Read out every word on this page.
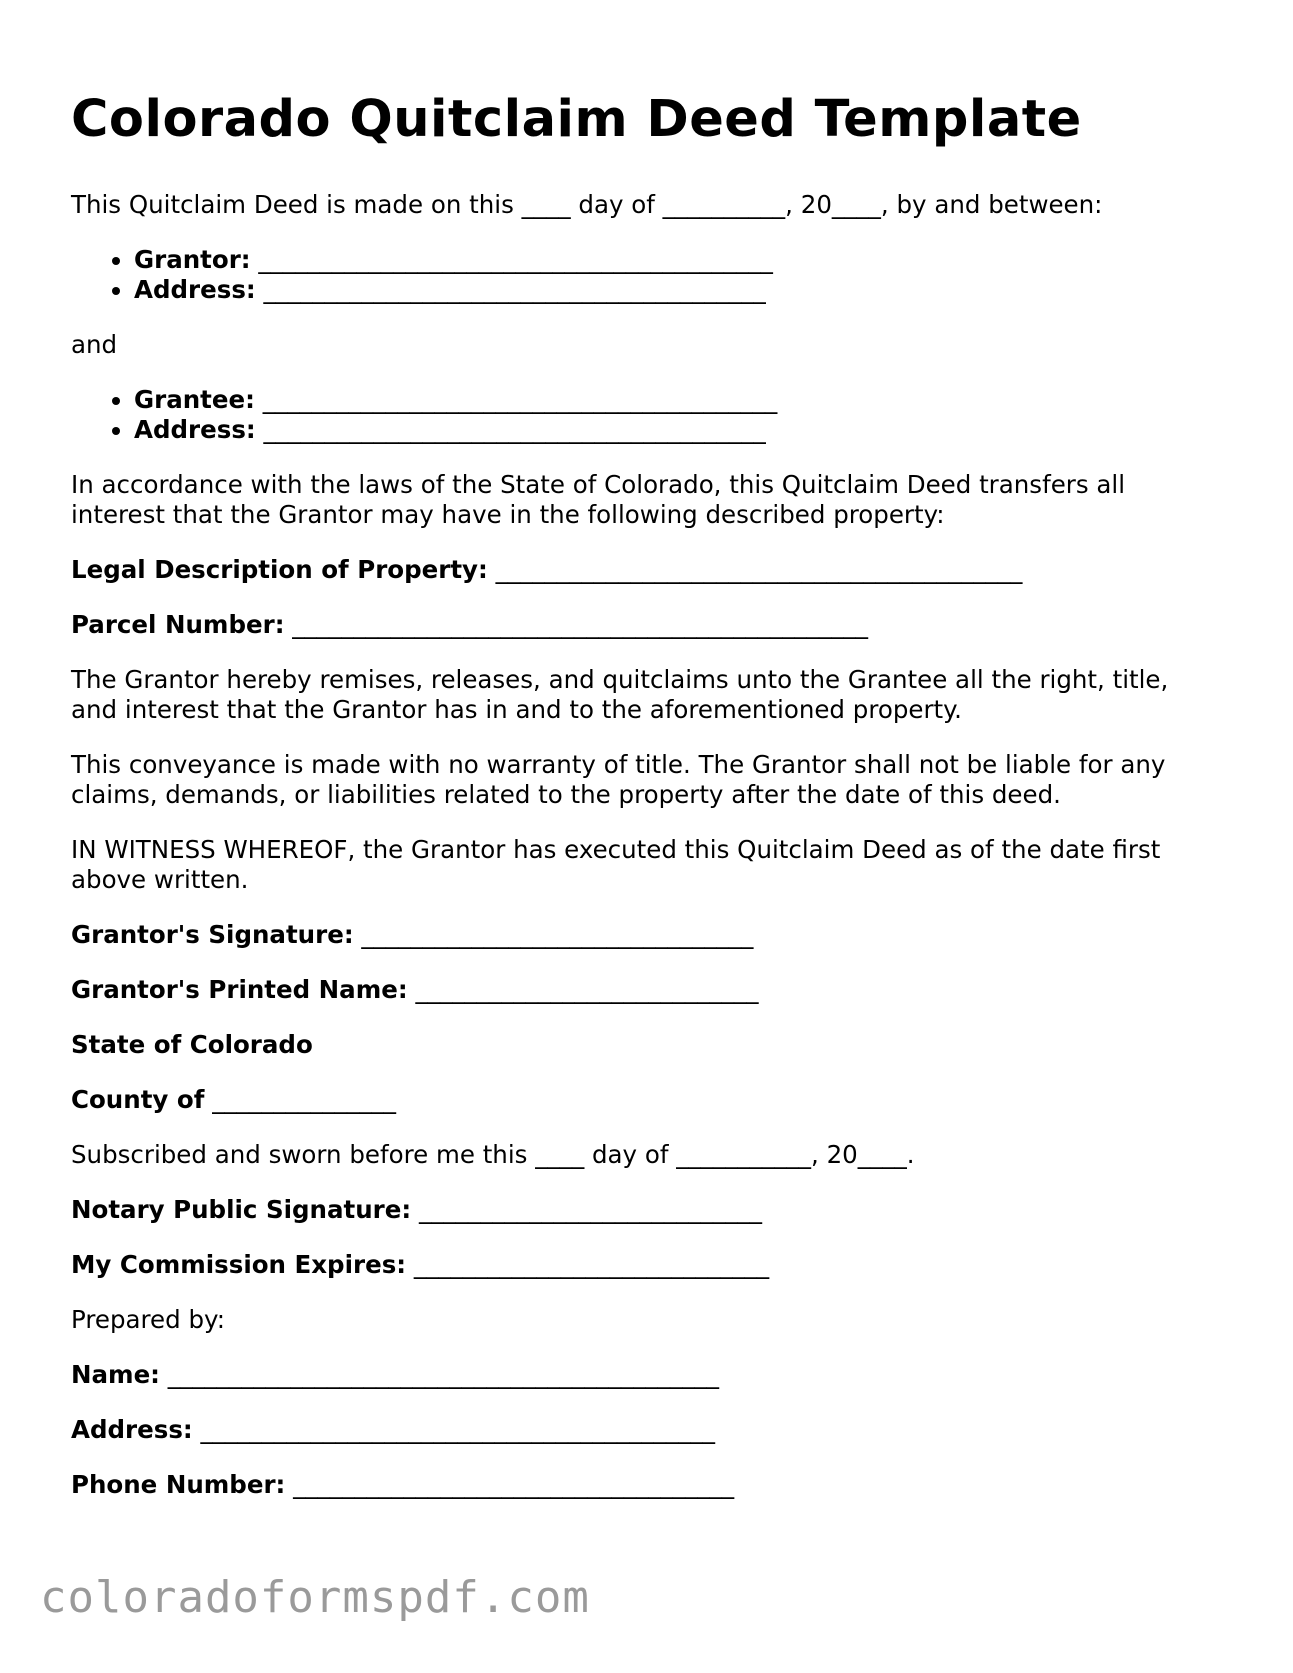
Colorado Quitclaim Deed Template

This Quitclaim Deed is made on this ____ day of __________, 20____, by and between:

• Grantor: __________________________________________
• Address: _________________________________________

and

• Grantee: __________________________________________
• Address: _________________________________________

In accordance with the laws of the State of Colorado, this Quitclaim Deed transfers all interest that the Grantor may have in the following described property:

Legal Description of Property: ___________________________________________

Parcel Number: _______________________________________________

The Grantor hereby remises, releases, and quitclaims unto the Grantee all the right, title, and interest that the Grantor has in and to the aforementioned property.

This conveyance is made with no warranty of title. The Grantor shall not be liable for any claims, demands, or liabilities related to the property after the date of this deed.

IN WITNESS WHEREOF, the Grantor has executed this Quitclaim Deed as of the date first above written.

Grantor's Signature: ________________________________

Grantor's Printed Name: ____________________________

State of Colorado

County of _______________

Subscribed and sworn before me this ____ day of ___________, 20____.

Notary Public Signature: ____________________________

My Commission Expires: _____________________________

Prepared by:

Name: _____________________________________________

Address: __________________________________________

Phone Number: ____________________________________

coloradoformspdf.com
